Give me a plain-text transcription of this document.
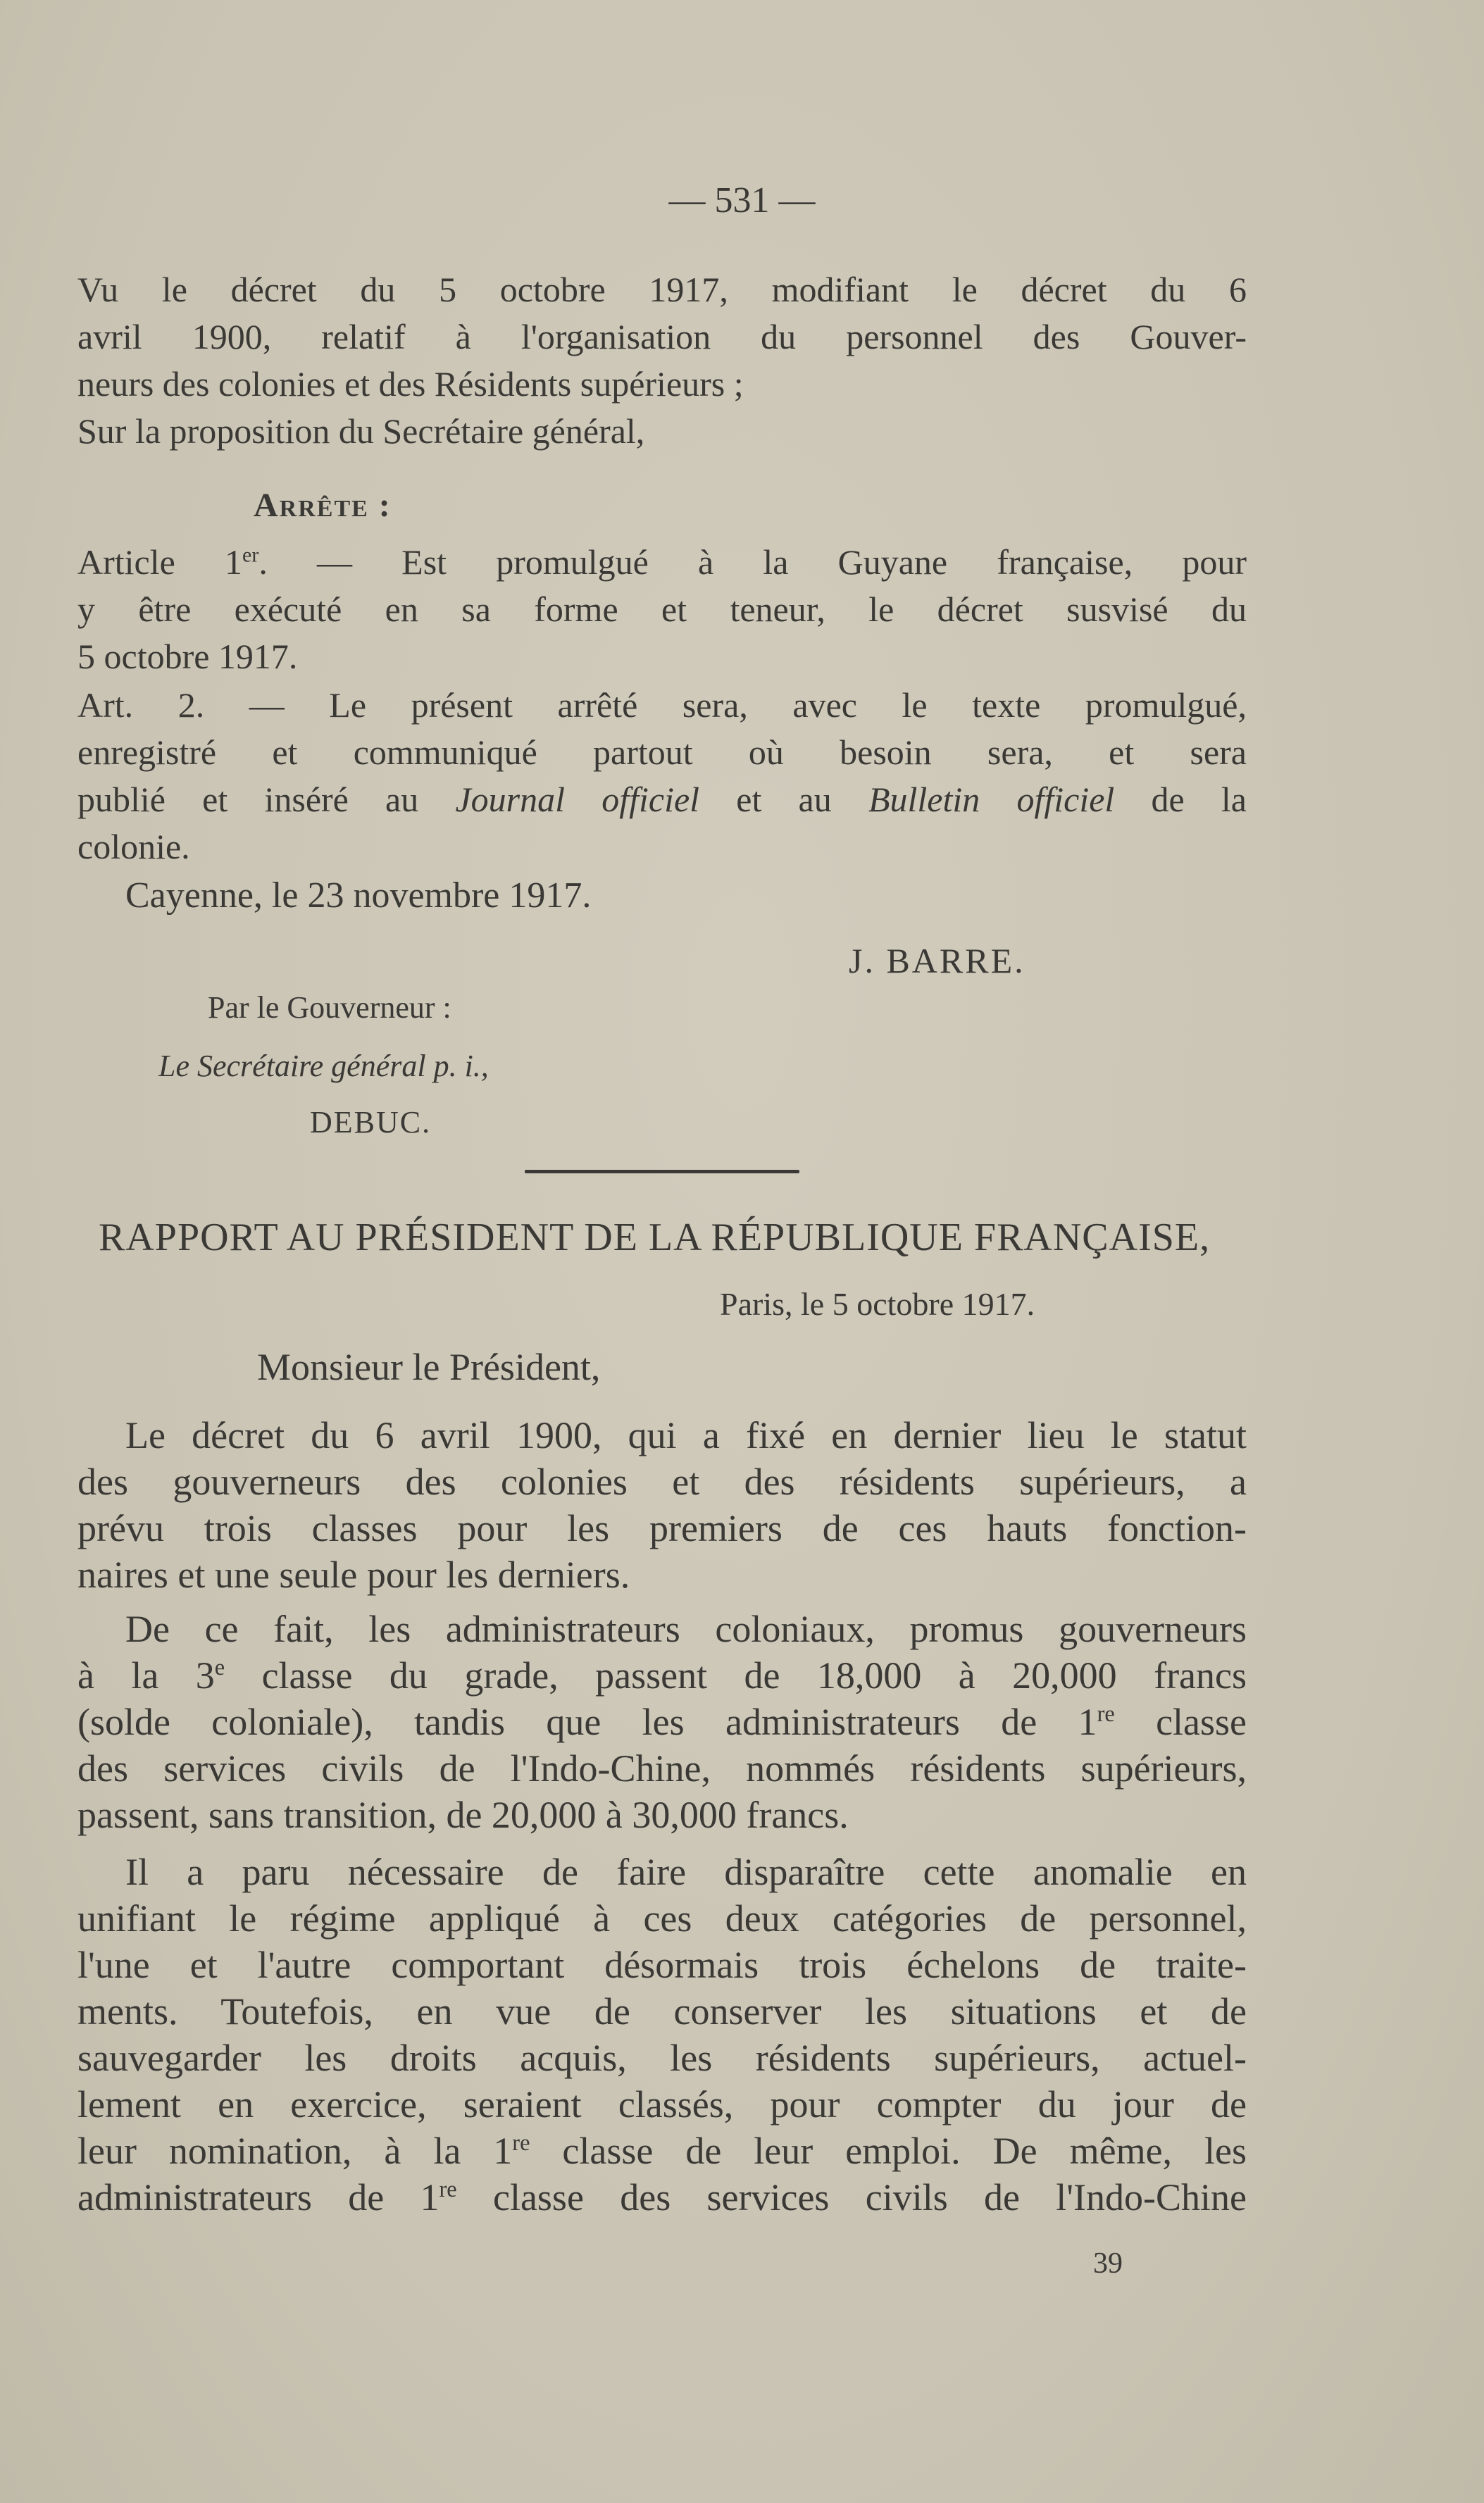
— 531 —
Vu le décret du 5 octobre 1917, modifiant le décret du 6
avril 1900, relatif à l'organisation du personnel des Gouver-
neurs des colonies et des Résidents supérieurs ;
Sur la proposition du Secrétaire général,
Arrête :
Article 1er. — Est promulgué à la Guyane française, pour
y être exécuté en sa forme et teneur, le décret susvisé du
5 octobre 1917.
Art. 2. — Le présent arrêté sera, avec le texte promulgué,
enregistré et communiqué partout où besoin sera, et sera
publié et inséré au Journal officiel et au Bulletin officiel de la
colonie.
Cayenne, le 23 novembre 1917.
J. BARRE.
Par le Gouverneur :
Le Secrétaire général p. i.,
DEBUC.
RAPPORT AU PRÉSIDENT DE LA RÉPUBLIQUE FRANÇAISE,
Paris, le 5 octobre 1917.
Monsieur le Président,
Le décret du 6 avril 1900, qui a fixé en dernier lieu le statut
des gouverneurs des colonies et des résidents supérieurs, a
prévu trois classes pour les premiers de ces hauts fonction-
naires et une seule pour les derniers.
De ce fait, les administrateurs coloniaux, promus gouverneurs
à la 3e classe du grade, passent de 18,000 à 20,000 francs
(solde coloniale), tandis que les administrateurs de 1re classe
des services civils de l'Indo-Chine, nommés résidents supérieurs,
passent, sans transition, de 20,000 à 30,000 francs.
Il a paru nécessaire de faire disparaître cette anomalie en
unifiant le régime appliqué à ces deux catégories de personnel,
l'une et l'autre comportant désormais trois échelons de traite-
ments. Toutefois, en vue de conserver les situations et de
sauvegarder les droits acquis, les résidents supérieurs, actuel-
lement en exercice, seraient classés, pour compter du jour de
leur nomination, à la 1re classe de leur emploi. De même, les
administrateurs de 1re classe des services civils de l'Indo-Chine
39
